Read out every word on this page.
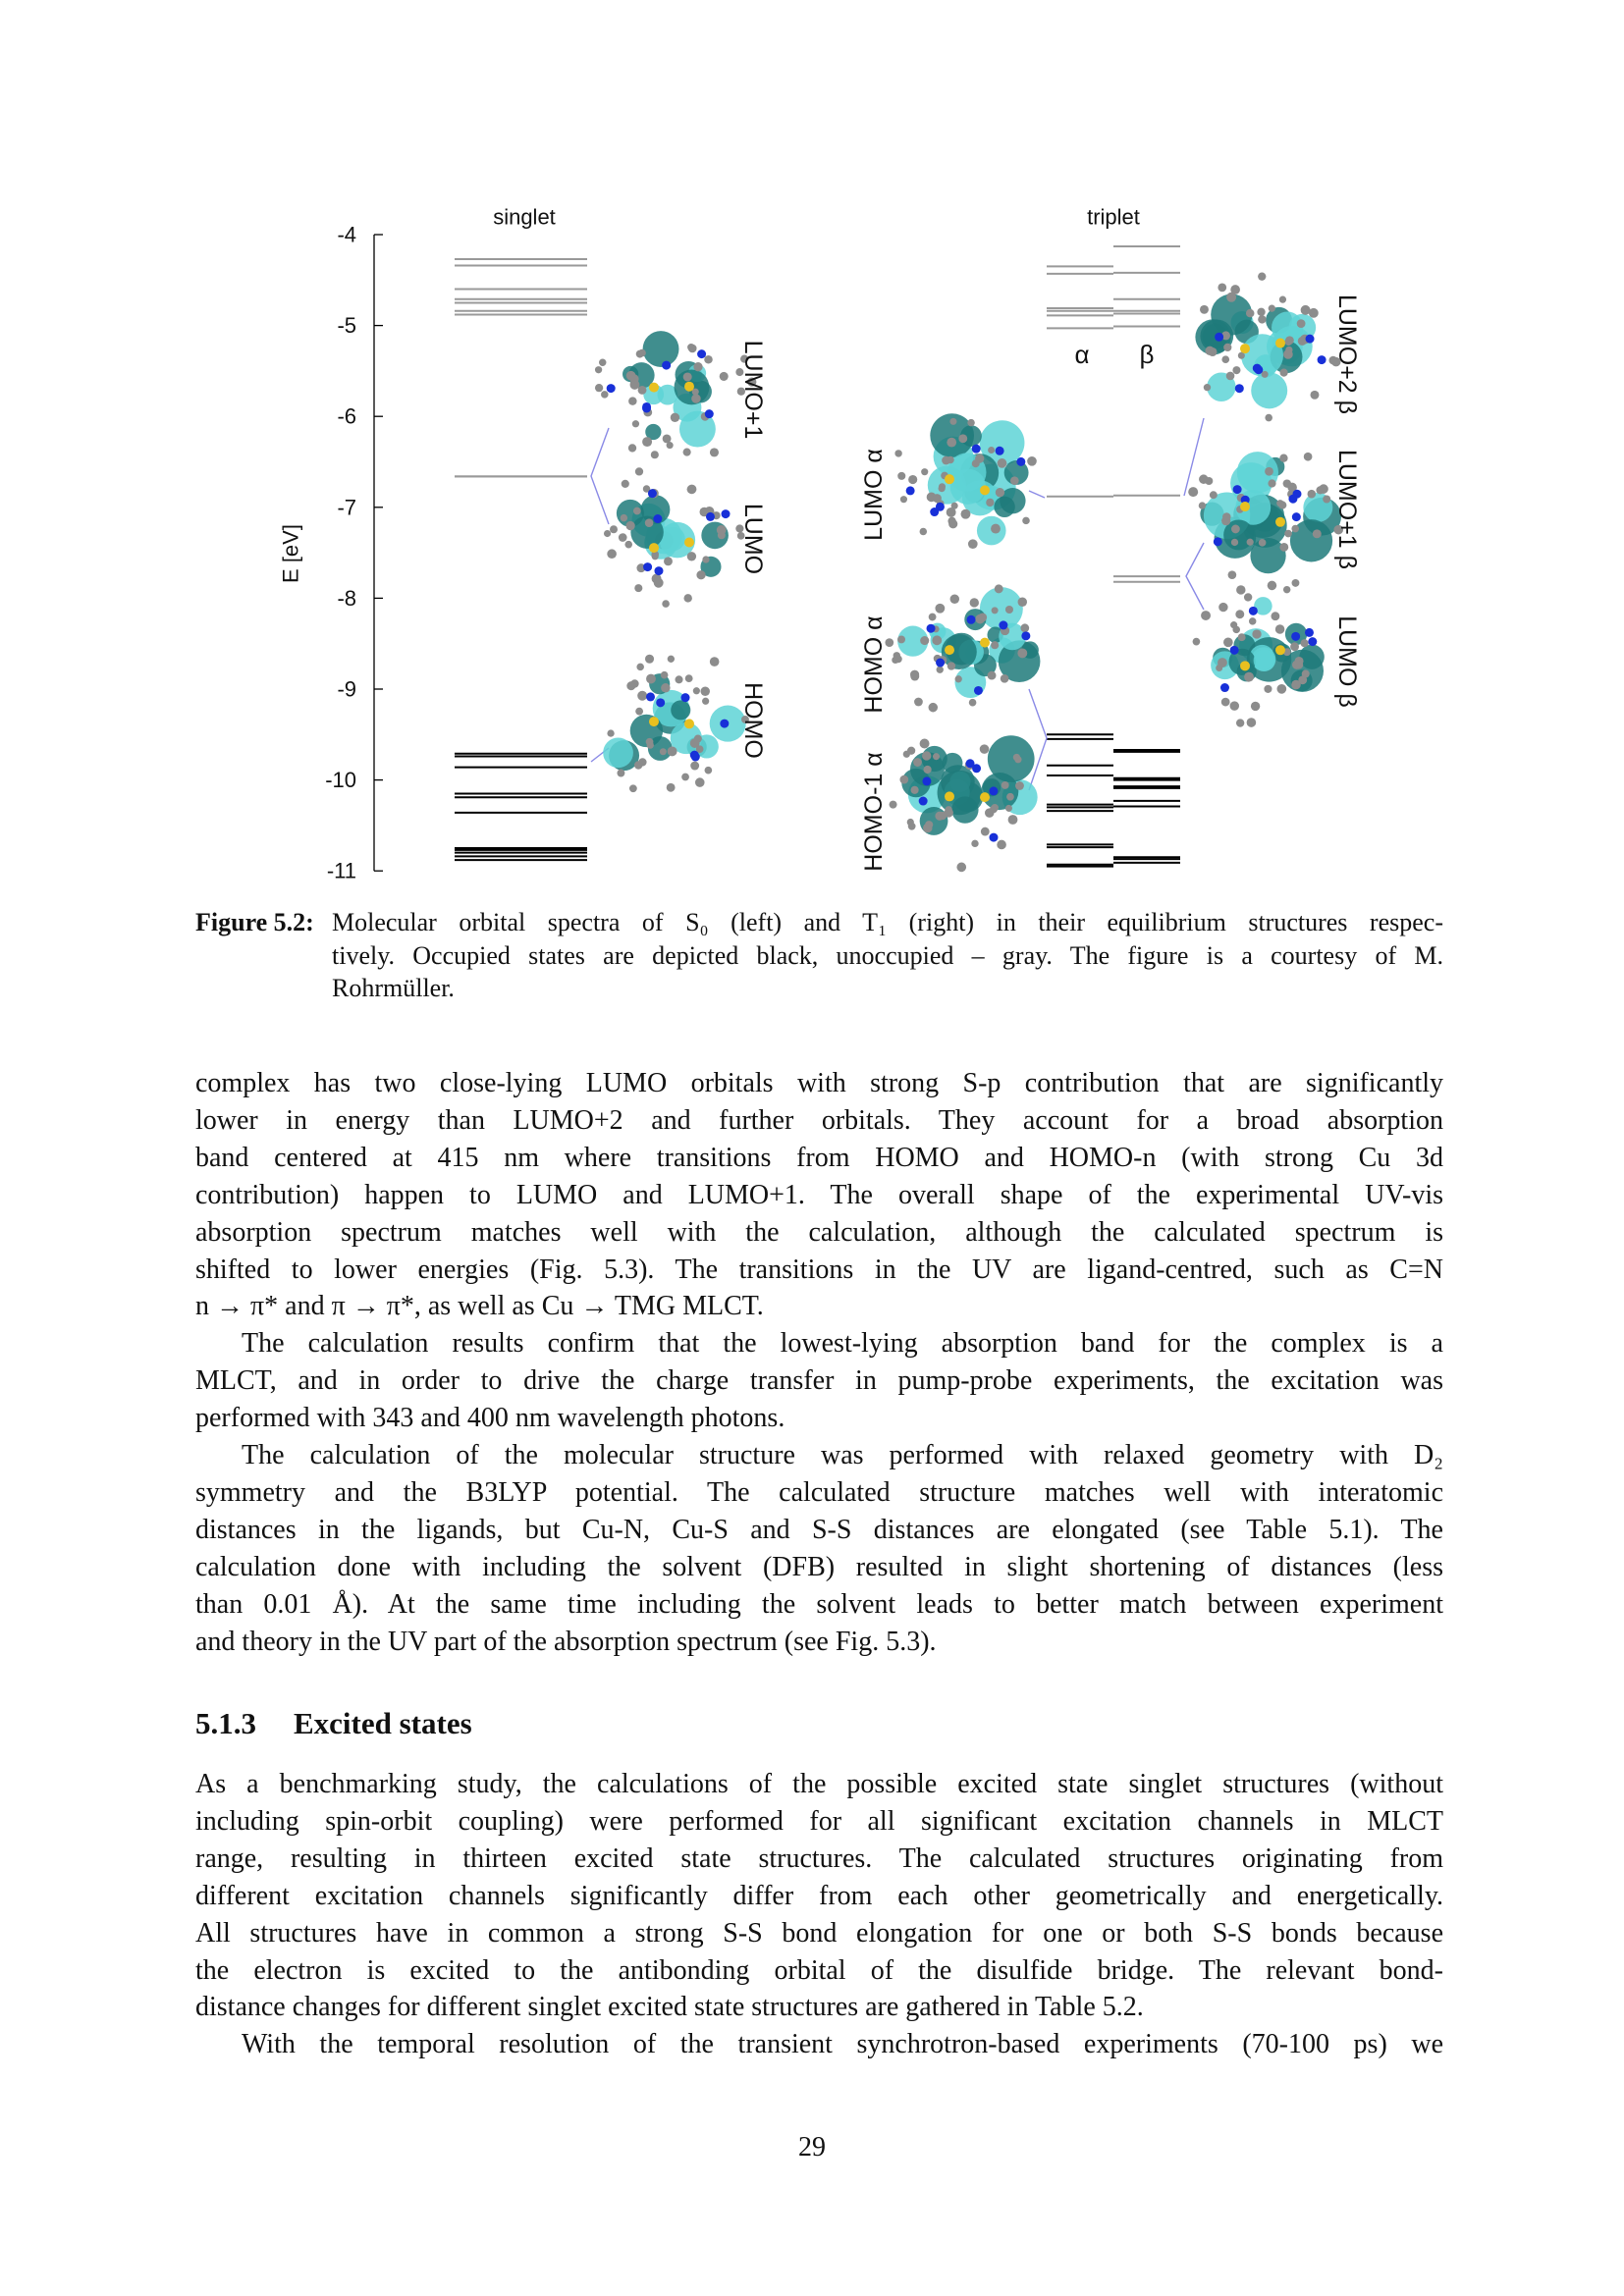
-4
-5
-6
-7
-8
-9
-10
-11
E [eV]
singlet	triplet
α β
LUMO+1
LUMO
HOMO
LUMO α
HOMO α
HOMO-1 α
LUMO+2 β
LUMO+1 β
LUMO β
Figure 5.2: Molecular orbital spectra of S₀ (left) and T₁ (right) in their equilibrium structures respec-
tively. Occupied states are depicted black, unoccupied – gray. The figure is a courtesy of M.
Rohrmüller.
complex has two close-lying LUMO orbitals with strong S-p contribution that are significantly
lower in energy than LUMO+2 and further orbitals. They account for a broad absorption
band centered at 415 nm where transitions from HOMO and HOMO-n (with strong Cu 3d
contribution) happen to LUMO and LUMO+1. The overall shape of the experimental UV-vis
absorption spectrum matches well with the calculation, although the calculated spectrum is
shifted to lower energies (Fig. 5.3). The transitions in the UV are ligand-centred, such as C=N
n → π* and π → π*, as well as Cu → TMG MLCT.
The calculation results confirm that the lowest-lying absorption band for the complex is a
MLCT, and in order to drive the charge transfer in pump-probe experiments, the excitation was
performed with 343 and 400 nm wavelength photons.
The calculation of the molecular structure was performed with relaxed geometry with D₂
symmetry and the B3LYP potential. The calculated structure matches well with interatomic
distances in the ligands, but Cu-N, Cu-S and S-S distances are elongated (see Table 5.1). The
calculation done with including the solvent (DFB) resulted in slight shortening of distances (less
than 0.01 Å). At the same time including the solvent leads to better match between experiment
and theory in the UV part of the absorption spectrum (see Fig. 5.3).
5.1.3 Excited states
As a benchmarking study, the calculations of the possible excited state singlet structures (without
including spin-orbit coupling) were performed for all significant excitation channels in MLCT
range, resulting in thirteen excited state structures. The calculated structures originating from
different excitation channels significantly differ from each other geometrically and energetically.
All structures have in common a strong S-S bond elongation for one or both S-S bonds because
the electron is excited to the antibonding orbital of the disulfide bridge. The relevant bond-
distance changes for different singlet excited state structures are gathered in Table 5.2.
With the temporal resolution of the transient synchrotron-based experiments (70-100 ps) we
29
